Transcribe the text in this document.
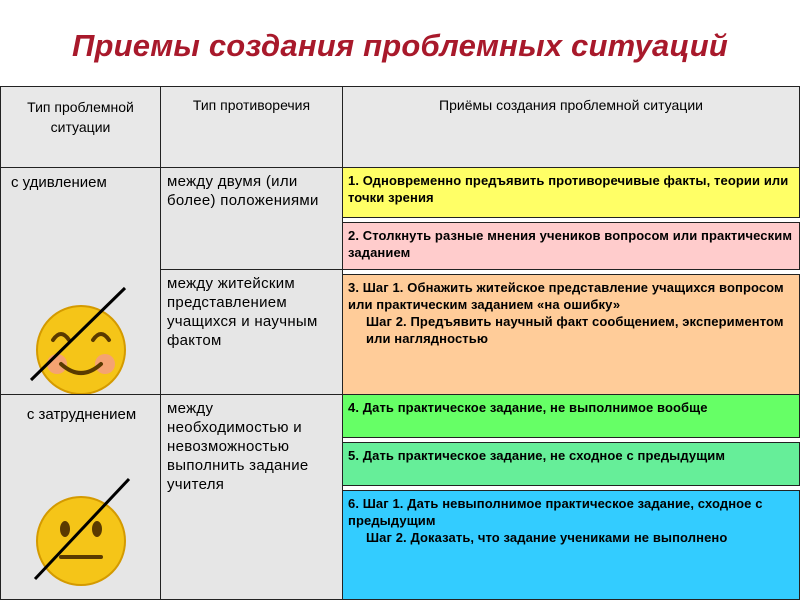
Приемы создания проблемных ситуаций
Тип проблемной ситуации
Тип противоречия	Приёмы создания проблемной ситуации
с удивлением
с затруднением
между двумя (или более) положениями
между житейским представлением учащихся и научным фактом
между необходимостью и невозможностью выполнить задание учителя
1. Одновременно предъявить противоречивые факты, теории или точки зрения
2. Столкнуть разные мнения учеников вопросом или практическим заданием
3. Шаг 1. Обнажить житейское представление учащихся вопросом или практическим заданием «на ошибку»
Шаг 2. Предъявить научный факт сообщением, экспериментом или наглядностью
4. Дать практическое задание, не выполнимое вообще
5. Дать практическое задание, не сходное с предыдущим
6. Шаг 1. Дать невыполнимое практическое задание, сходное с предыдущим
Шаг 2. Доказать, что задание учениками не выполнено
